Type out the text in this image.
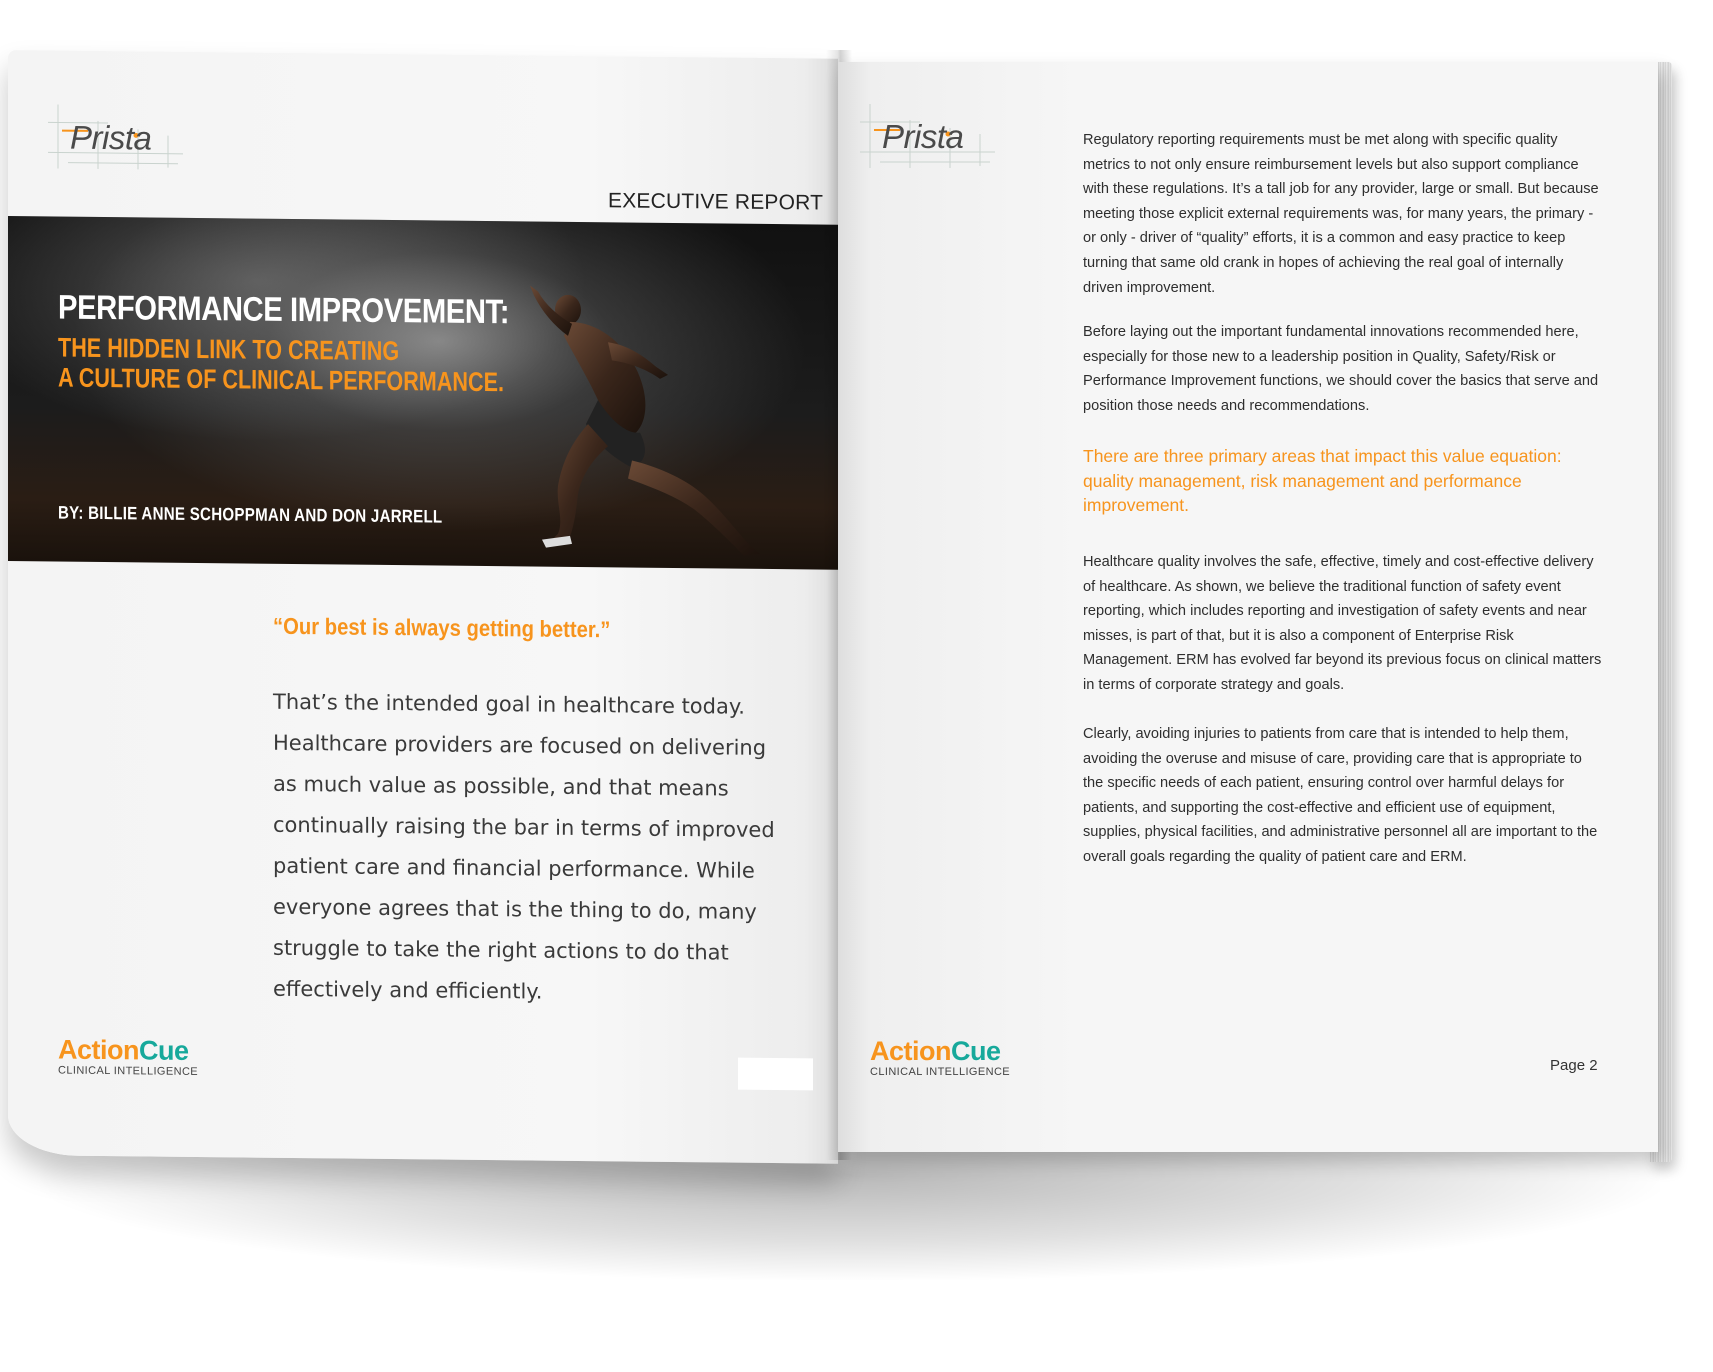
Prista
EXECUTIVE REPORT
PERFORMANCE IMPROVEMENT:
THE HIDDEN LINK TO CREATING
A CULTURE OF CLINICAL PERFORMANCE.
BY: BILLIE ANNE SCHOPPMAN AND DON JARRELL
“Our best is always getting better.”

That’s the intended goal in healthcare today. Healthcare providers are focused on delivering as much value as possible, and that means continually raising the bar in terms of improved patient care and financial performance. While everyone agrees that is the thing to do, many struggle to take the right actions to do that effectively and efficiently.

ActionCue
CLINICAL INTELLIGENCE
Prista	Regulatory reporting requirements must be met along with specific quality metrics to not only ensure reimbursement levels but also support compliance with these regulations. It’s a tall job for any provider, large or small. But because meeting those explicit external requirements was, for many years, the primary - or only - driver of “quality” efforts, it is a common and easy practice to keep turning that same old crank in hopes of achieving the real goal of internally driven improvement.

Before laying out the important fundamental innovations recommended here, especially for those new to a leadership position in Quality, Safety/Risk or Performance Improvement functions, we should cover the basics that serve and position those needs and recommendations.

There are three primary areas that impact this value equation: quality management, risk management and performance improvement.

Healthcare quality involves the safe, effective, timely and cost-effective delivery of healthcare. As shown, we believe the traditional function of safety event reporting, which includes reporting and investigation of safety events and near misses, is part of that, but it is also a component of Enterprise Risk Management. ERM has evolved far beyond its previous focus on clinical matters in terms of corporate strategy and goals.

Clearly, avoiding injuries to patients from care that is intended to help them, avoiding the overuse and misuse of care, providing care that is appropriate to the specific needs of each patient, ensuring control over harmful delays for patients, and supporting the cost-effective and efficient use of equipment, supplies, physical facilities, and administrative personnel all are important to the overall goals regarding the quality of patient care and ERM.

ActionCue
CLINICAL INTELLIGENCE	Page 2
